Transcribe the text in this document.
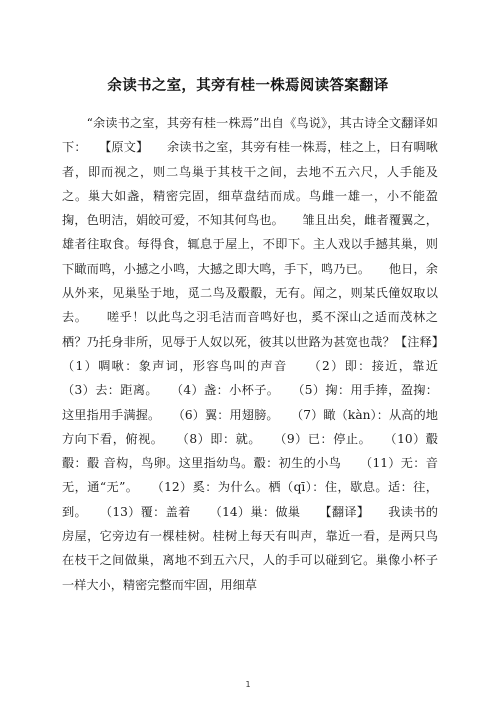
余读书之室，其旁有桂一株焉阅读答案翻译

　　“余读书之室，其旁有桂一株焉”出自《鸟说》，其古诗全文翻译如下：　　【原文】　　余读书之室，其旁有桂一株焉，桂之上，日有啁啾者，即而视之，则二鸟巢于其枝干之间，去地不五六尺，人手能及之。巢大如盏，精密完固，细草盘结而成。鸟雌一雄一，小不能盈掬，色明洁，娟皎可爱，不知其何鸟也。　　雏且出矣，雌者覆翼之，雄者往取食。每得食，辄息于屋上，不即下。主人戏以手撼其巢，则下瞰而鸣，小撼之小鸣，大撼之即大鸣，手下，鸣乃已。　　他日，余从外来，见巢坠于地，觅二鸟及鷇鷇，无有。闻之，则某氏僮奴取以去。　　嗟乎！以此鸟之羽毛洁而音鸣好也，奚不深山之适而茂林之栖？乃托身非所，见辱于人奴以死，彼其以世路为甚宽也哉？【注释】　　（1）啁啾：象声词，形容鸟叫的声音　　（2）即：接近，靠近　　（3）去：距离。　　（4）盏：小杯子。　　（5）掬：用手捧，盈掬：这里指用手满握。　　（6）翼：用翅膀。　　（7）瞰（kàn）：从高的地方向下看，俯视。　　（8）即：就。　　（9）已：停止。　　（10）鷇鷇：鷇 音构，鸟卵。这里指幼鸟。鷇：初生的小鸟　　（11）无：音无，通“无”。　　（12）奚：为什么。栖（qī）：住，歇息。适：往，到。　　（13）覆：盖着　　（14）巢：做巢　　【翻译】　　我读书的房屋，它旁边有一棵桂树。桂树上每天有叫声，靠近一看，是两只鸟在枝干之间做巢，离地不到五六尺，人的手可以碰到它。巢像小杯子一样大小，精密完整而牢固，用细草

1
